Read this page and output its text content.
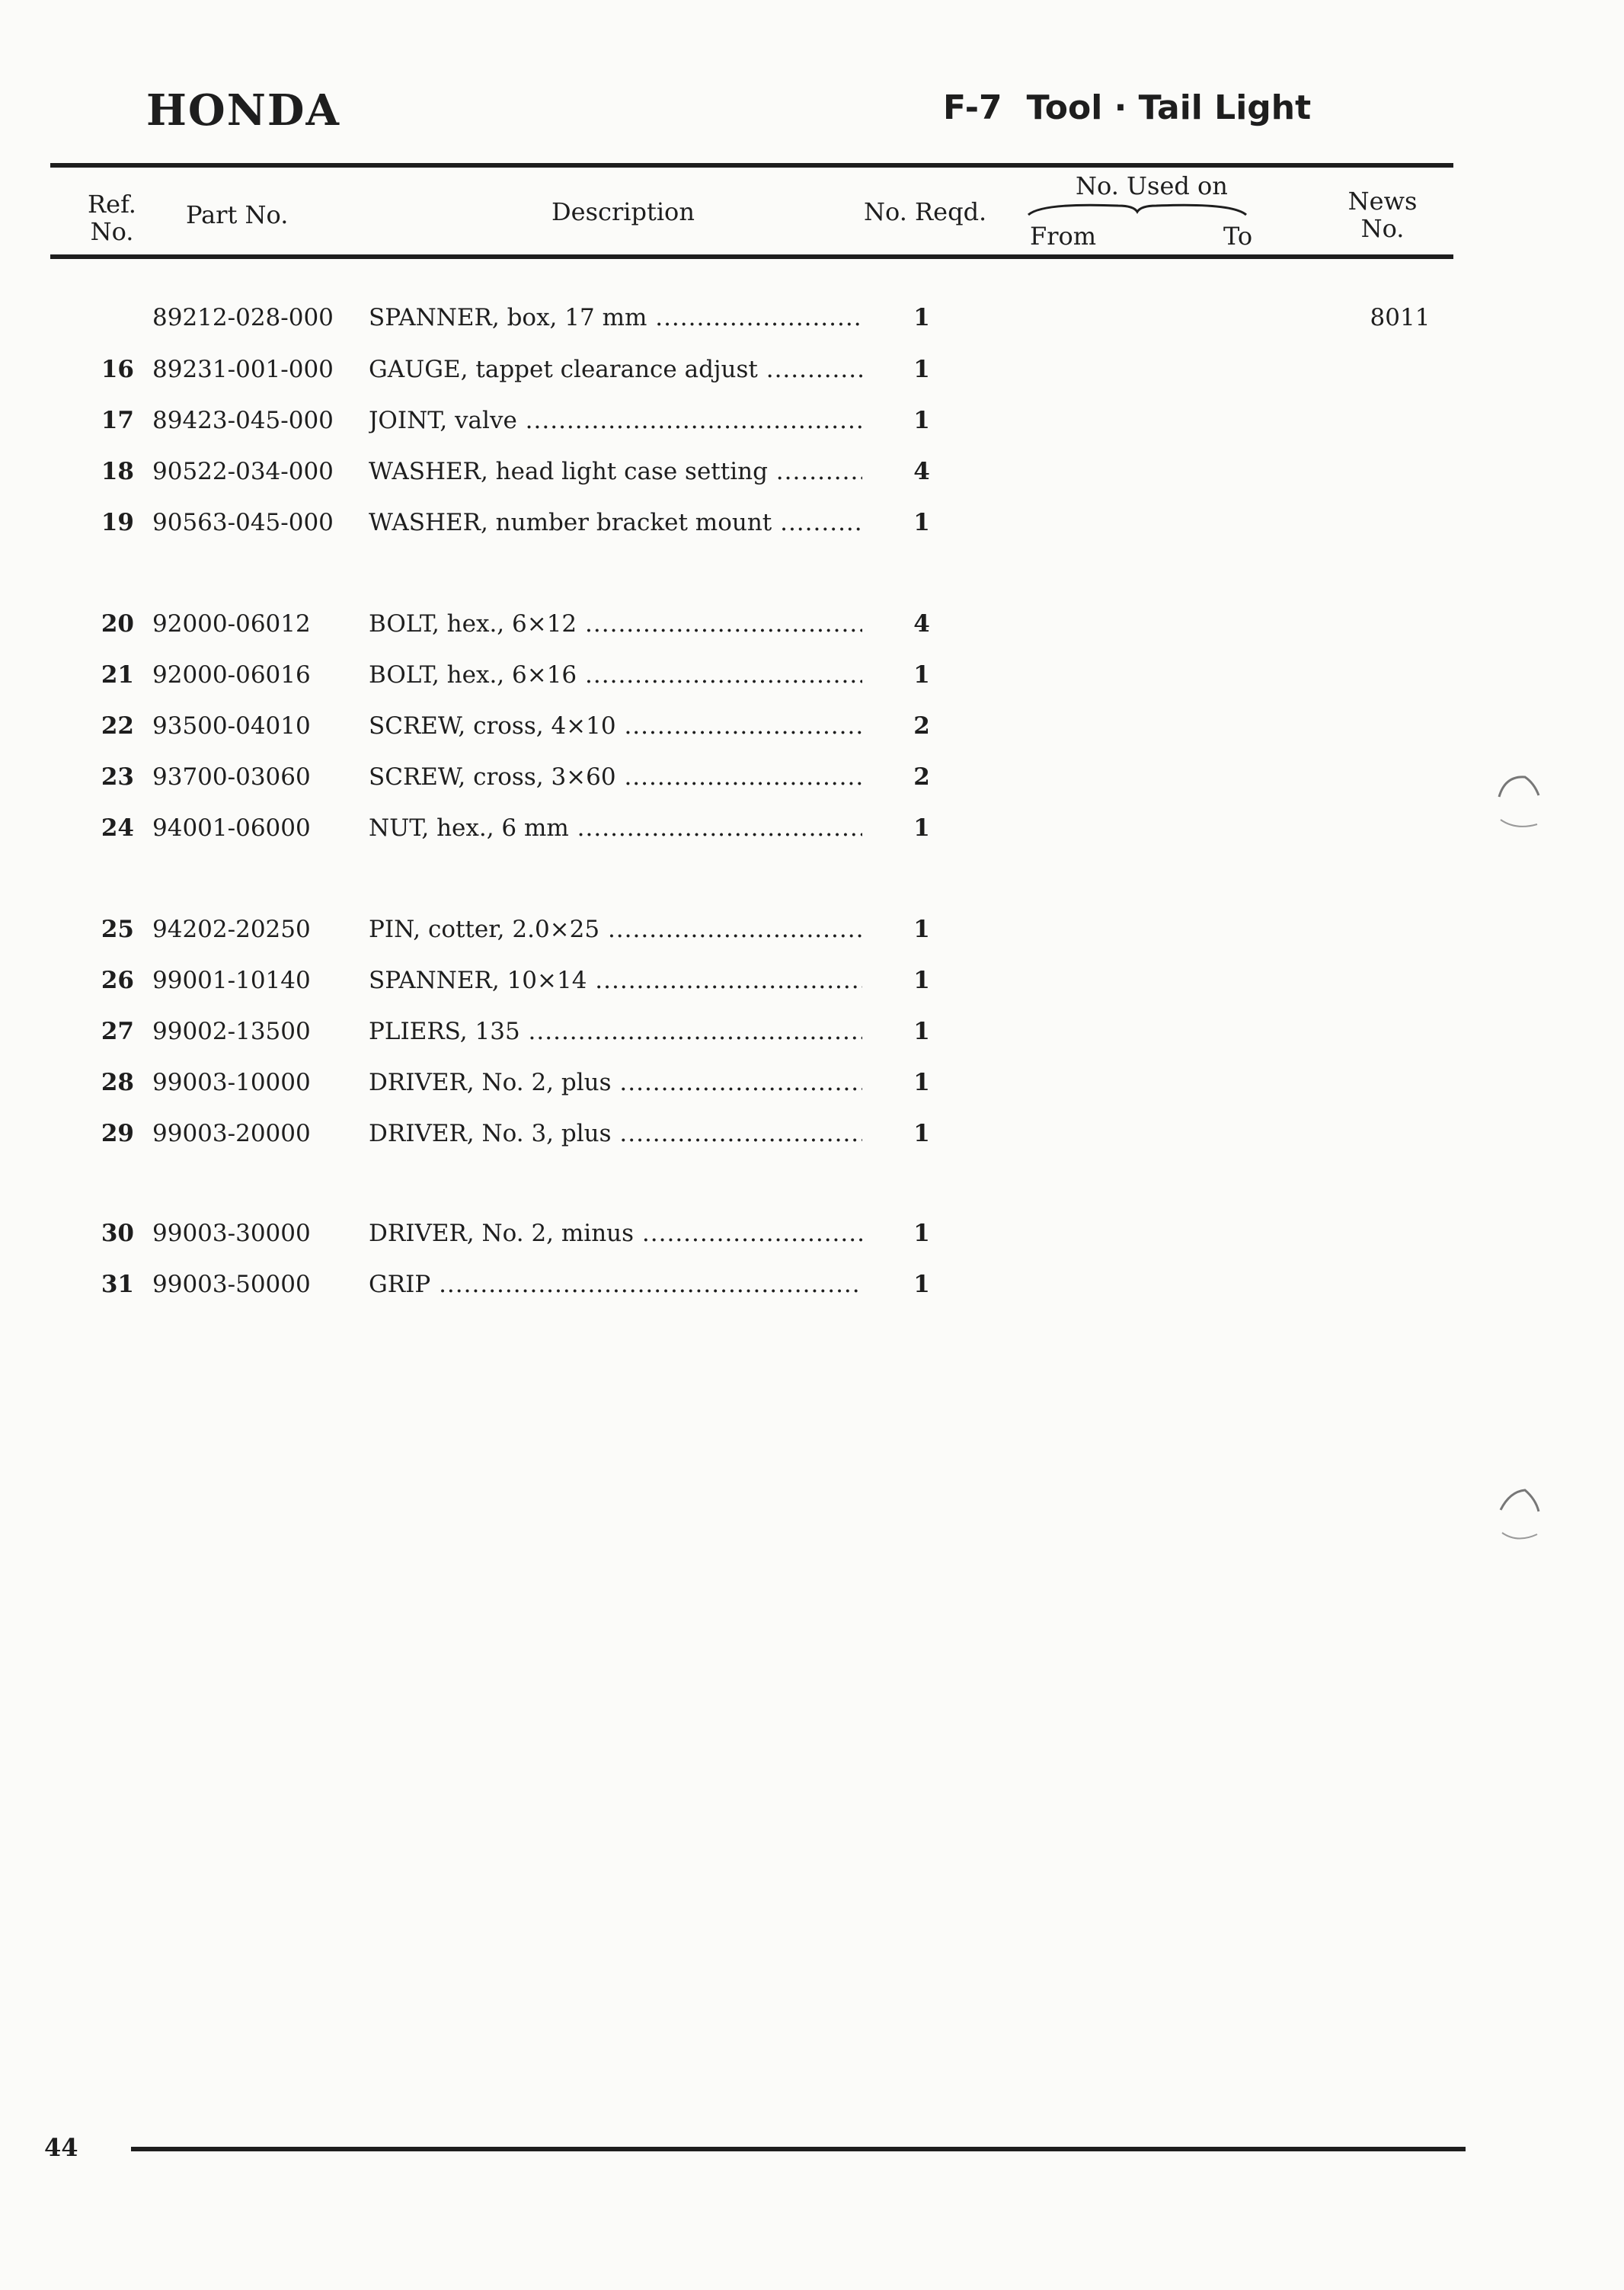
HONDA	F-7 Tool · Tail Light
Ref.
No.
Part No.	Description	No. Reqd.
No. Used on
From	To
News
No.
89212-028-000 SPANNER, box, 17 mm .....	1	8011
16 89231-001-000 GAUGE, tappet clearance adjust .....	1
17 89423-045-000 JOINT, valve .....	1
18 90522-034-000 WASHER, head light case setting .....	4
19 90563-045-000 WASHER, number bracket mount .....	1
20 92000-06012 BOLT, hex., 6×12 .....	4
21 92000-06016 BOLT, hex., 6×16 .....	1
22 93500-04010 SCREW, cross, 4×10 .....	2
23 93700-03060 SCREW, cross, 3×60 .....	2
24 94001-06000 NUT, hex., 6 mm .....	1
25 94202-20250 PIN, cotter, 2.0×25 .....	1
26 99001-10140 SPANNER, 10×14 .....	1
27 99002-13500 PLIERS, 135 .....	1
28 99003-10000 DRIVER, No. 2, plus .....	1
29 99003-20000 DRIVER, No. 3, plus .....	1
30 99003-30000 DRIVER, No. 2, minus .....	1
31 99003-50000 GRIP .....	1
44
